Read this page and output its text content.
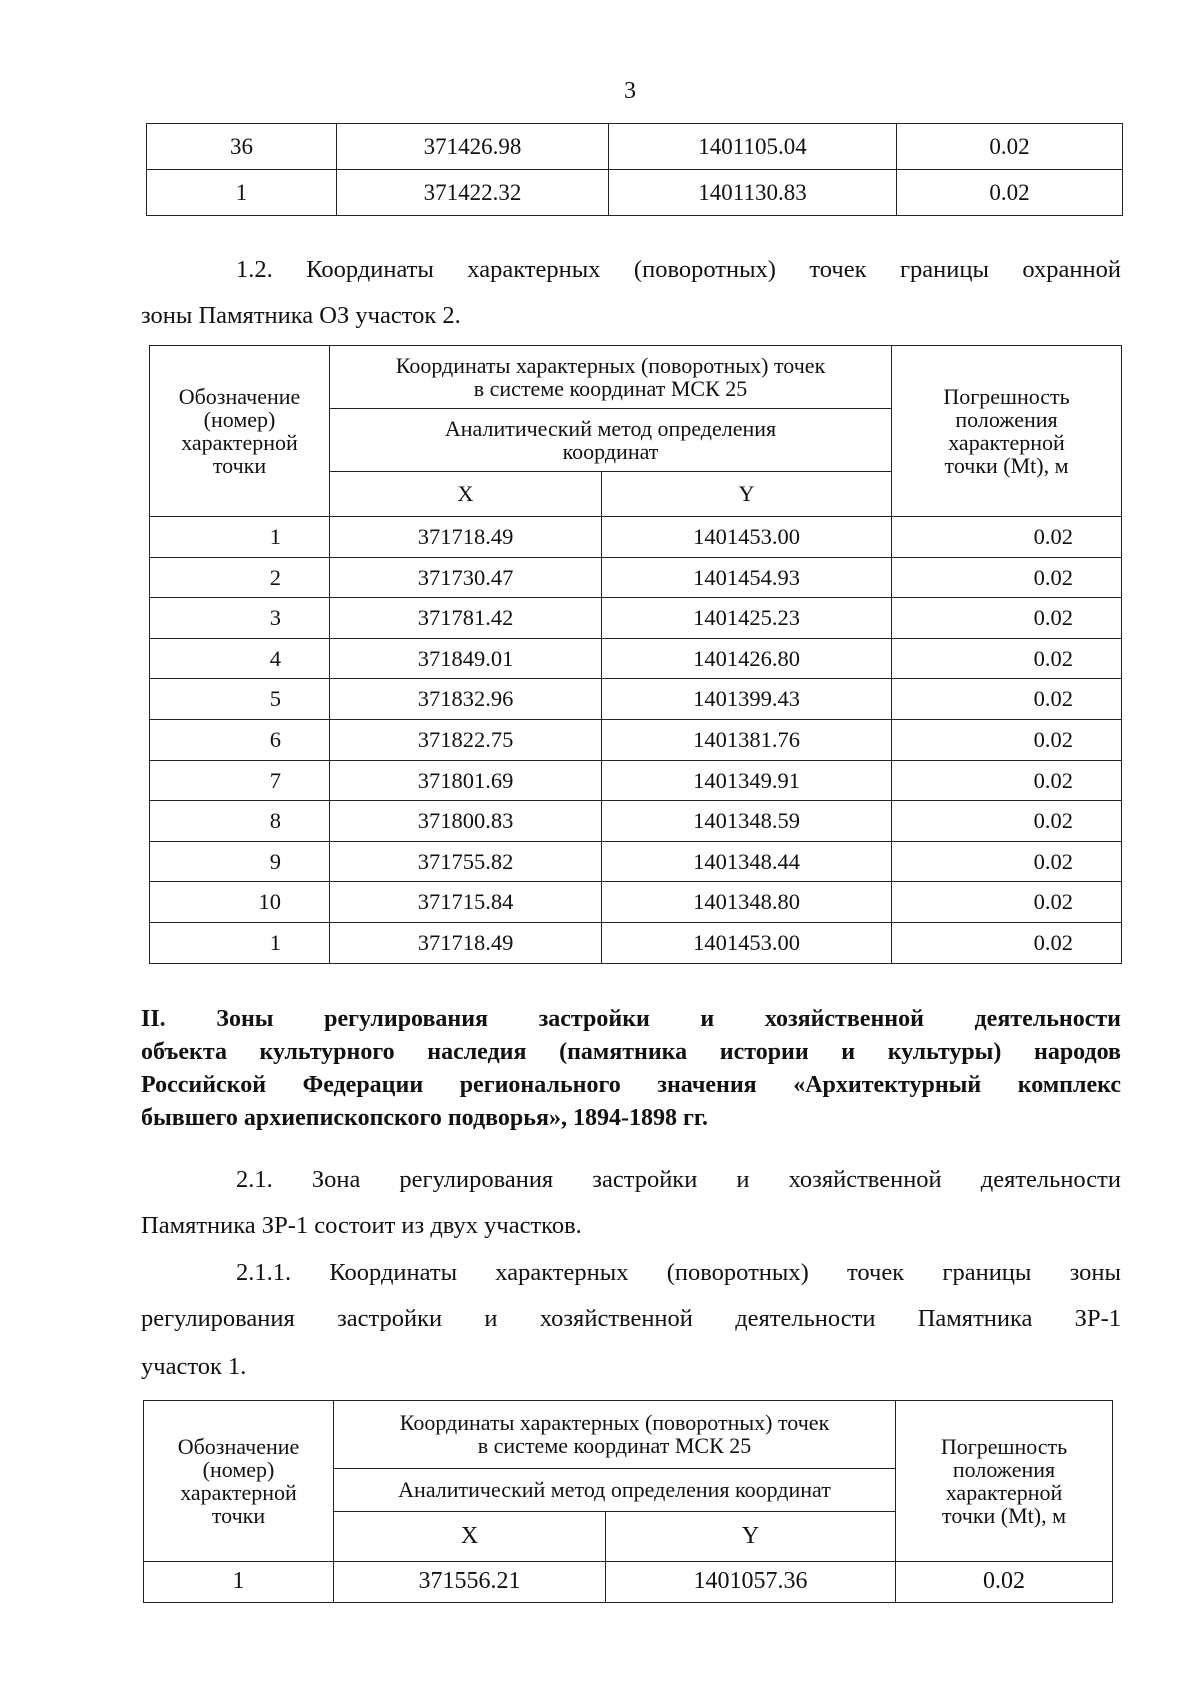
3
36	371426.98	1401105.04	0.02
1	371422.32	1401130.83	0.02

1.2. Координаты характерных (поворотных) точек границы охранной

зоны Памятника ОЗ участок 2.

Обозначение
(номер)
характерной
точки	Координаты характерных (поворотных) точек
в системе координат МСК 25		Погрешность
положения
характерной
точки (Mt), м

	Аналитический метод определения
координат		

	X	Y	
1	371718.49	1401453.00	0.02
2	371730.47	1401454.93	0.02
3	371781.42	1401425.23	0.02
4	371849.01	1401426.80	0.02
5	371832.96	1401399.43	0.02
6	371822.75	1401381.76	0.02
7	371801.69	1401349.91	0.02
8	371800.83	1401348.59	0.02
9	371755.82	1401348.44	0.02
10	371715.84	1401348.80	0.02
1	371718.49	1401453.00	0.02
II. Зоны регулирования застройки и хозяйственной деятельности
объекта культурного наследия (памятника истории и культуры) народов
Российской Федерации регионального значения «Архитектурный комплекс
бывшего архиепископского подворья», 1894-1898 гг.

2.1. Зона регулирования застройки и хозяйственной деятельности

Памятника ЗР-1 состоит из двух участков.

2.1.1. Координаты характерных (поворотных) точек границы зоны

регулирования застройки и хозяйственной деятельности Памятника ЗР-1

участок 1.

Обозначение
(номер)
характерной
точки	Координаты характерных (поворотных) точек
в системе координат МСК 25		Погрешность
положения
характерной
точки (Mt), м

	Аналитический метод определения координат		

	X	Y	
1	371556.21	1401057.36	0.02
